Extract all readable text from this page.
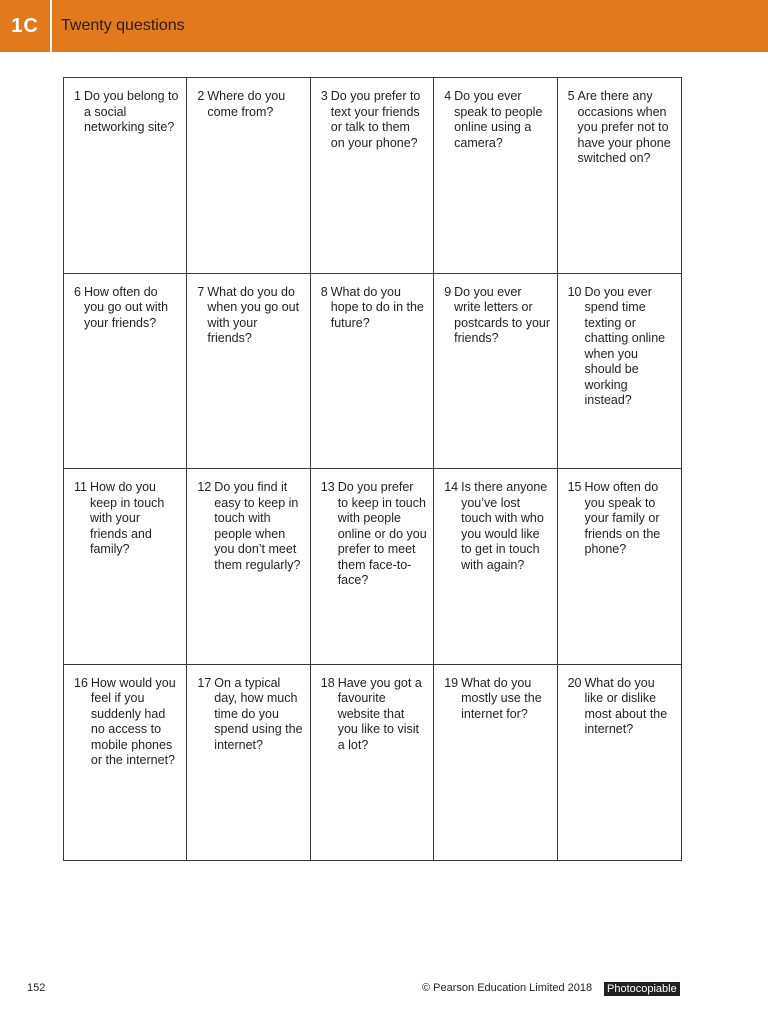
1C	Twenty questions
1 Do you belong to a social networking site?
2 Where do you come from?
3 Do you prefer to text your friends or talk to them on your phone?
4 Do you ever speak to people online using a camera?
5 Are there any occasions when you prefer not to have your phone switched on?
6 How often do you go out with your friends?
7 What do you do when you go out with your friends?
8 What do you hope to do in the future?
9 Do you ever write letters or postcards to your friends?
10 Do you ever spend time texting or chatting online when you should be working instead?
11 How do you keep in touch with your friends and family?
12 Do you find it easy to keep in touch with people when you don’t meet them regularly?
13 Do you prefer to keep in touch with people online or do you prefer to meet them face-to-face?
14 Is there anyone you’ve lost touch with who you would like to get in touch with again?
15 How often do you speak to your family or friends on the phone?
16 How would you feel if you suddenly had no access to mobile phones or the internet?
17 On a typical day, how much time do you spend using the internet?
18 Have you got a favourite website that you like to visit a lot?
19 What do you mostly use the internet for?
20 What do you like or dislike most about the internet?
152	© Pearson Education Limited 2018 Photocopiable
